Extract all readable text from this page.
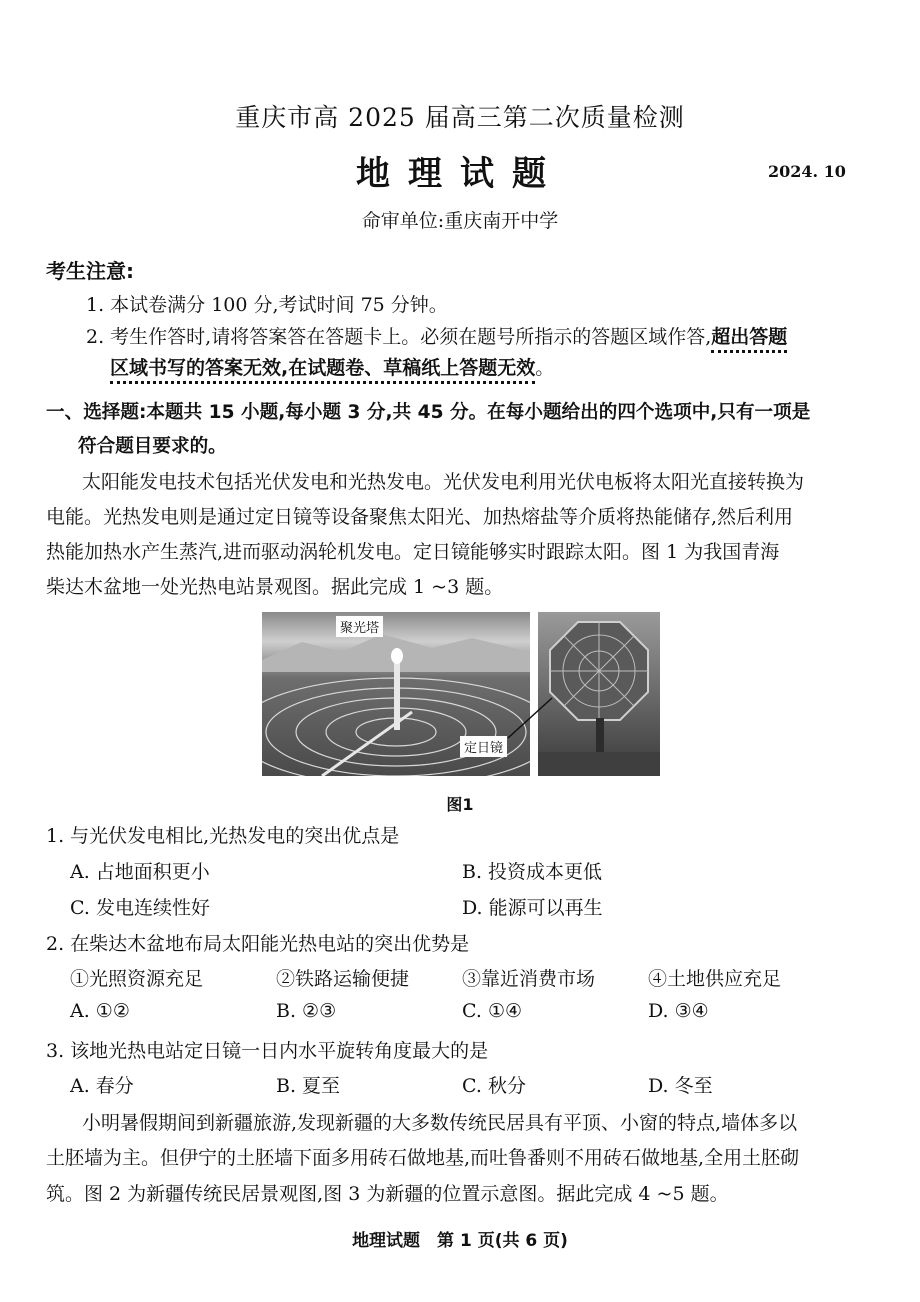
重庆市高 2025 届高三第二次质量检测
地理试题	2024. 10
命审单位:重庆南开中学
考生注意:
1. 本试卷满分 100 分,考试时间 75 分钟。
2. 考生作答时,请将答案答在答题卡上。必须在题号所指示的答题区域作答,超出答题
区域书写的答案无效,在试题卷、草稿纸上答题无效。
一、选择题:本题共 15 小题,每小题 3 分,共 45 分。在每小题给出的四个选项中,只有一项是
符合题目要求的。
太阳能发电技术包括光伏发电和光热发电。光伏发电利用光伏电板将太阳光直接转换为
电能。光热发电则是通过定日镜等设备聚焦太阳光、加热熔盐等介质将热能储存,然后利用
热能加热水产生蒸汽,进而驱动涡轮机发电。定日镜能够实时跟踪太阳。图 1 为我国青海
柴达木盆地一处光热电站景观图。据此完成 1 ~3 题。
聚光塔
定日镜
图1
1. 与光伏发电相比,光热发电的突出优点是
A. 占地面积更小	B. 投资成本更低
C. 发电连续性好	D. 能源可以再生
2. 在柴达木盆地布局太阳能光热电站的突出优势是
①光照资源充足	②铁路运输便捷	③靠近消费市场	④土地供应充足
A. ①②	B. ②③	C. ①④	D. ③④
3. 该地光热电站定日镜一日内水平旋转角度最大的是
A. 春分	B. 夏至	C. 秋分	D. 冬至
小明暑假期间到新疆旅游,发现新疆的大多数传统民居具有平顶、小窗的特点,墙体多以
土胚墙为主。但伊宁的土胚墙下面多用砖石做地基,而吐鲁番则不用砖石做地基,全用土胚砌
筑。图 2 为新疆传统民居景观图,图 3 为新疆的位置示意图。据此完成 4 ~5 题。
地理试题　第 1 页(共 6 页)
